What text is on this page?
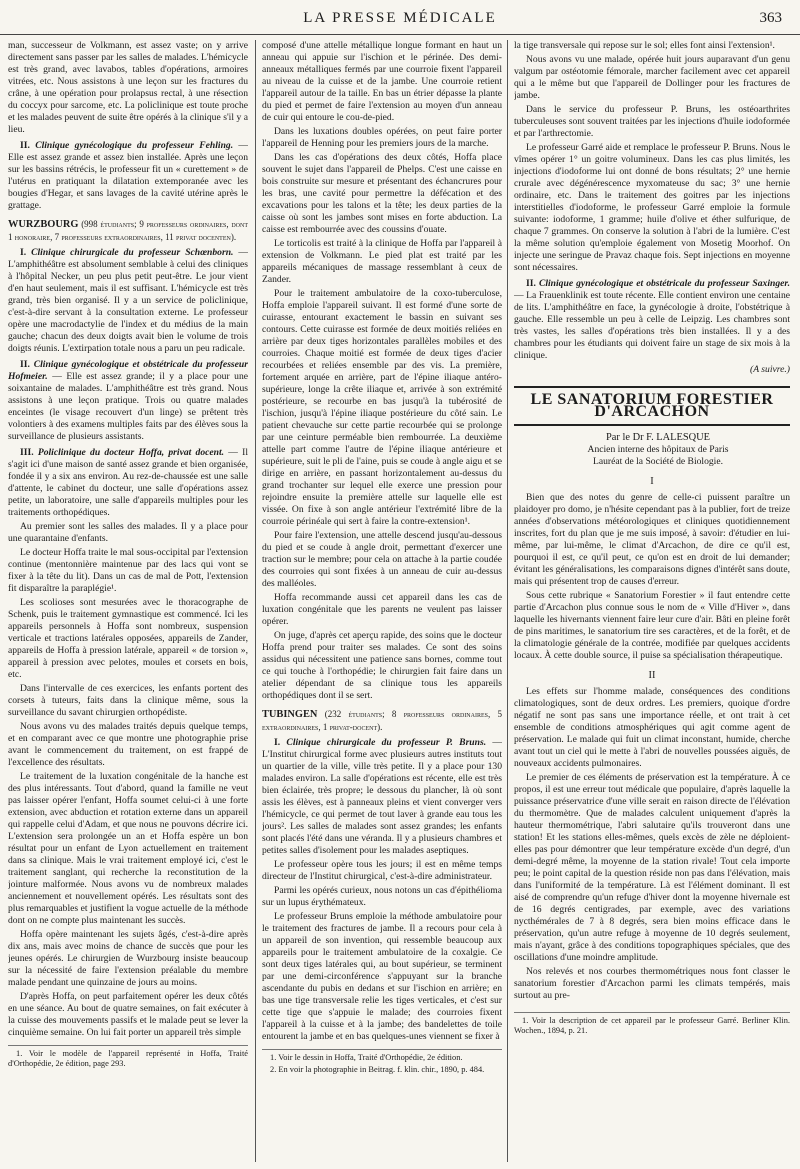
LA PRESSE MÉDICALE	363

man, successeur de Volkmann, est assez vaste; on y arrive directement sans passer par les salles de malades. L'hémicycle est très grand, avec lavabos, tables d'opérations, armoires vitrées, etc. Nous assistons à une leçon sur les fractures du crâne, à une opération pour prolapsus rectal, à une résection du coccyx pour sarcome, etc. La policlinique est toute proche et les malades peuvent de suite être opérés à la clinique s'il y a lieu.

II. Clinique gynécologique du professeur Fehling. — Elle est assez grande et assez bien installée. Après une leçon sur les bassins rétrécis, le professeur fit un « curettement » de l'utérus en pratiquant la dilatation extemporanée avec les bougies d'Hegar, et sans lavages de la cavité utérine après le grattage.
WURZBOURG (998 étudiants; 9 professeurs ordinaires, dont 1 honoraire, 7 professeurs extraordinaires, 11 privat docenten).
I. Clinique chirurgicale du professeur Schœnborn. — L'amphithéâtre est absolument semblable à celui des cliniques à l'hôpital Necker, un peu plus petit peut-être. Le jour vient d'en haut seulement, mais il est suffisant. L'hémicycle est très grand, très bien organisé. Il y a un service de policlinique, c'est-à-dire servant à la consultation externe. Le professeur opère une macrodactylie de l'index et du médius de la main gauche; chacun des deux doigts avait bien le volume de trois doigts réunis. L'extirpation totale nous a paru un peu radicale.
II. Clinique gynécologique et obstétricale du professeur Hofmeier. — Elle est assez grande; il y a place pour une soixantaine de malades. L'amphithéâtre est très grand. Nous assistons à une leçon pratique. Trois ou quatre malades enceintes (le visage recouvert d'un linge) se prêtent très volontiers à des examens multiples faits par des élèves sous la surveillance de plusieurs assistants.
III. Policlinique du docteur Hoffa, privat docent. — Il s'agit ici d'une maison de santé assez grande et bien organisée, fondée il y a six ans environ. Au rez-de-chaussée est une salle d'attente, le cabinet du docteur, une salle d'opérations assez petite, un laboratoire, une salle d'appareils multiples pour les traitements orthopédiques.

Au premier sont les salles des malades. Il y a place pour une quarantaine d'enfants.

Le docteur Hoffa traite le mal sous-occipital par l'extension continue (mentonnière maintenue par des lacs qui vont se fixer à la tête du lit). Dans un cas de mal de Pott, l'extension fit disparaître la paraplégie¹.

Les scolioses sont mesurées avec le thoracographe de Schenk, puis le traitement gymnastique est commencé. Ici les appareils personnels à Hoffa sont nombreux, suspension verticale et tractions latérales opposées, appareils de Zander, appareils de Hoffa à pression latérale, appareil « de torsion », appareil à pression avec pelotes, moules et corsets en bois, etc.

Dans l'intervalle de ces exercices, les enfants portent des corsets à tuteurs, faits dans la clinique même, sous la surveillance du savant chirurgien orthopédiste.

Nous avons vu des malades traités depuis quelque temps, et en comparant avec ce que montre une photographie prise avant le commencement du traitement, on est frappé de l'excellence des résultats.

Le traitement de la luxation congénitale de la hanche est des plus intéressants. Tout d'abord, quand la famille ne veut pas laisser opérer l'enfant, Hoffa soumet celui-ci à une forte extension, avec abduction et rotation externe dans un appareil qui rappelle celui d'Adam, et que nous ne pouvons décrire ici. L'extension sera prolongée un an et Hoffa espère un bon résultat pour un enfant de Lyon actuellement en traitement dans sa clinique. Mais le vrai traitement employé ici, c'est le traitement sanglant, qui recherche la reconstitution de la jointure malformée. Nous avons vu de nombreux malades anciennement et nouvellement opérés. Les résultats sont des plus remarquables et justifient la vogue actuelle de la méthode dont on ne compte plus maintenant les succès.

Hoffa opère maintenant les sujets âgés, c'est-à-dire après dix ans, mais avec moins de chance de succès que pour les jeunes opérés. Le chirurgien de Wurzbourg insiste beaucoup sur la nécessité de faire l'extension préalable du membre malade pendant une quinzaine de jours au moins.

D'après Hoffa, on peut parfaitement opérer les deux côtés en une séance. Au bout de quatre semaines, on fait exécuter à la cuisse des mouvements passifs et le malade peut se lever la cinquième semaine. On lui fait porter un appareil très simple

1. Voir le modèle de l'appareil représenté in Hoffa, Traité d'Orthopédie, 2e édition, page 293.

composé d'une attelle métallique longue formant en haut un anneau qui appuie sur l'ischion et le périnée. Des demi-anneaux métalliques fermés par une courroie fixent l'appareil au niveau de la cuisse et de la jambe. Une courroie retient l'appareil autour de la taille. En bas un étrier dépasse la plante du pied et permet de faire l'extension au moyen d'un anneau de cuir qui entoure le cou-de-pied.

Dans les luxations doubles opérées, on peut faire porter l'appareil de Henning pour les premiers jours de la marche.

Dans les cas d'opérations des deux côtés, Hoffa place souvent le sujet dans l'appareil de Phelps. C'est une caisse en bois construite sur mesure et présentant des échancrures pour les bras, une cavité pour permettre la défécation et des excavations pour les talons et la tête; les deux parties de la caisse où sont les jambes sont mises en forte abduction. La caisse est rembourrée avec des coussins d'ouate.

Le torticolis est traité à la clinique de Hoffa par l'appareil à extension de Volkmann. Le pied plat est traité par les appareils mécaniques de massage ressemblant à ceux de Zander.

Pour le traitement ambulatoire de la coxo-tuberculose, Hoffa emploie l'appareil suivant. Il est formé d'une sorte de cuirasse, entourant exactement le bassin en suivant ses contours. Cette cuirasse est formée de deux moitiés reliées en arrière par deux tiges horizontales parallèles mobiles et des courroies. Chaque moitié est formée de deux tiges d'acier recourbées et reliées ensemble par des vis. La première, fortement arquée en arrière, part de l'épine iliaque antéro-supérieure, longe la crête iliaque et, arrivée à son extrémité postérieure, se recourbe en bas jusqu'à la tubérosité de l'ischion, jusqu'à l'épine iliaque postérieure du côté sain. Le patient chevauche sur cette partie recourbée qui se prolonge par une ceinture perméable bien rembourrée. La deuxième attelle part comme l'autre de l'épine iliaque antérieure et supérieure, suit le pli de l'aine, puis se coude à angle aigu et se dirige en arrière, en passant horizontalement au-dessus du grand trochanter sur lequel elle exerce une pression pour rejoindre ensuite la première attelle sur laquelle elle est vissée. On fixe à son angle antérieur l'extrémité libre de la courroie périnéale qui sert à faire la contre-extension¹.

Pour faire l'extension, une attelle descend jusqu'au-dessous du pied et se coude à angle droit, permettant d'exercer une traction sur le membre; pour cela on attache à la partie coudée des courroies qui sont fixées à un anneau de cuir au-dessus des malléoles.

Hoffa recommande aussi cet appareil dans les cas de luxation congénitale que les parents ne veulent pas laisser opérer.

On juge, d'après cet aperçu rapide, des soins que le docteur Hoffa prend pour traiter ses malades. Ce sont des soins assidus qui nécessitent une patience sans bornes, comme tout ce qui touche à l'orthopédie; le chirurgien fait faire dans un atelier dépendant de sa clinique tous les appareils orthopédiques dont il se sert.

TUBINGEN (232 étudiants; 8 professeurs ordinaires, 5 extraordinaires, 1 privat-docent).
I. Clinique chirurgicale du professeur P. Bruns. — L'Institut chirurgical forme avec plusieurs autres instituts tout un quartier de la ville, ville très petite. Il y a place pour 130 malades environ. La salle d'opérations est récente, elle est très bien éclairée, très propre; le dessous du plancher, là où sont assis les élèves, est à panneaux pleins et vient converger vers l'hémicycle, ce qui permet de tout laver à grande eau tous les jours². Les salles de malades sont assez grandes; les enfants sont placés l'été dans une véranda. Il y a plusieurs chambres et petites salles d'isolement pour les malades aseptiques.

Le professeur opère tous les jours; il est en même temps directeur de l'Institut chirurgical, c'est-à-dire administrateur.

Parmi les opérés curieux, nous notons un cas d'épithélioma sur un lupus érythémateux.

Le professeur Bruns emploie la méthode ambulatoire pour le traitement des fractures de jambe. Il a recours pour cela à un appareil de son invention, qui ressemble beaucoup aux appareils pour le traitement ambulatoire de la coxalgie. Ce sont deux tiges latérales qui, au bout supérieur, se terminent par une demi-circonférence s'appuyant sur la branche ascendante du pubis en dedans et sur l'ischion en arrière; en bas une tige transversale relie les tiges verticales, et c'est sur cette tige que s'appuie le malade; des courroies fixent l'appareil à la cuisse et à la jambe; des bandelettes de toile entourent la jambe et en bas quelques-unes viennent se fixer à

1. Voir le dessin in Hoffa, Traité d'Orthopédie, 2e édition.

2. En voir la photographie in Beitrag. f. klin. chir., 1890, p. 484.

la tige transversale qui repose sur le sol; elles font ainsi l'extension¹.

Nous avons vu une malade, opérée huit jours auparavant d'un genu valgum par ostéotomie fémorale, marcher facilement avec cet appareil qui a le même but que l'appareil de Dollinger pour les fractures de jambe.

Dans le service du professeur P. Bruns, les ostéoarthrites tuberculeuses sont souvent traitées par les injections d'huile iodoformée et par l'arthrectomie.

Le professeur Garré aide et remplace le professeur P. Bruns. Nous le vîmes opérer 1° un goitre volumineux. Dans les cas plus limités, les injections d'iodoforme lui ont donné de bons résultats; 2° une hernie crurale avec dégénérescence myxomateuse du sac; 3° une hernie ordinaire, etc. Dans le traitement des goitres par les injections interstitielles d'iodoforme, le professeur Garré emploie la formule suivante: iodoforme, 1 gramme; huile d'olive et éther sulfurique, de chaque 7 grammes. On conserve la solution à l'abri de la lumière. C'est la même solution qu'emploie également von Mosetig Moorhof. On injecte une seringue de Pravaz chaque fois. Sept injections en moyenne sont nécessaires.

II. Clinique gynécologique et obstétricale du professeur Saxinger. — La Frauenklinik est toute récente. Elle contient environ une centaine de lits. L'amphithéâtre en face, la gynécologie à droite, l'obstétrique à gauche. Elle ressemble un peu à celle de Leipzig. Les chambres sont très vastes, les salles d'opérations très bien installées. Il y a des chambres pour les étudiants qui doivent faire un stage de six mois à la clinique.

(A suivre.)

LE SANATORIUM FORESTIER D'ARCACHON

Par le Dr F. LALESQUE

Ancien interne des hôpitaux de Paris

Lauréat de la Société de Biologie.

I

Bien que des notes du genre de celle-ci puissent paraître un plaidoyer pro domo, je n'hésite cependant pas à la publier, fort de treize années d'observations météorologiques et cliniques quotidiennement inscrites, fort du plan que je me suis imposé, à savoir: d'étudier en lui-même, par lui-même, le climat d'Arcachon, de dire ce qu'il est, pourquoi il est, ce qu'il peut, ce qu'on est en droit de lui demander; évitant les généralisations, les comparaisons dignes d'intérêt sans doute, mais qui présentent trop de causes d'erreur.

Sous cette rubrique « Sanatorium Forestier » il faut entendre cette partie d'Arcachon plus connue sous le nom de « Ville d'Hiver », dans laquelle les hivernants viennent faire leur cure d'air. Bâti en pleine forêt de pins maritimes, le sanatorium tire ses caractères, et de la forêt, et de la climatologie générale de la contrée, modifiée par quelques accidents locaux. À cette double source, il puise sa spécialisation thérapeutique.

II

Les effets sur l'homme malade, conséquences des conditions climatologiques, sont de deux ordres. Les premiers, quoique d'ordre négatif ne sont pas sans une importance réelle, et ont trait à cet ensemble de conditions atmosphériques qui agit comme agent de préservation. Le malade qui fuit un climat inconstant, humide, cherche avant tout un ciel qui le mette à l'abri de nouvelles poussées aiguës, de nouveaux accidents pulmonaires.

Le premier de ces éléments de préservation est la température. À ce propos, il est une erreur tout médicale que populaire, d'après laquelle la puissance préservatrice d'une ville serait en raison directe de l'élévation du thermomètre. Que de malades calculent uniquement d'après la hauteur thermométrique, l'abri salutaire qu'ils trouveront dans une station! Et les stations elles-mêmes, quels excès de zèle ne déploient-elles pas pour démontrer que leur température excède d'un degré, d'un demi-degré même, la moyenne de la station rivale! Tout cela importe peu; le point capital de la question réside non pas dans l'élévation, mais dans l'uniformité de la température. Là est l'élément dominant. Il est aisé de comprendre qu'un refuge d'hiver dont la moyenne hivernale est de 16 degrés centigrades, par exemple, avec des variations nycthémérales de 7 à 8 degrés, sera bien moins efficace dans le préservation, qu'un autre refuge à moyenne de 10 degrés seulement, mais n'ayant, grâce à des conditions topographiques spéciales, que des oscillations d'une moindre amplitude.

Nos relevés et nos courbes thermométriques nous font classer le sanatorium forestier d'Arcachon parmi les climats tempérés, mais surtout au pre-

1. Voir la description de cet appareil par le professeur Garré. Berliner Klin. Wochen., 1894, p. 21.
